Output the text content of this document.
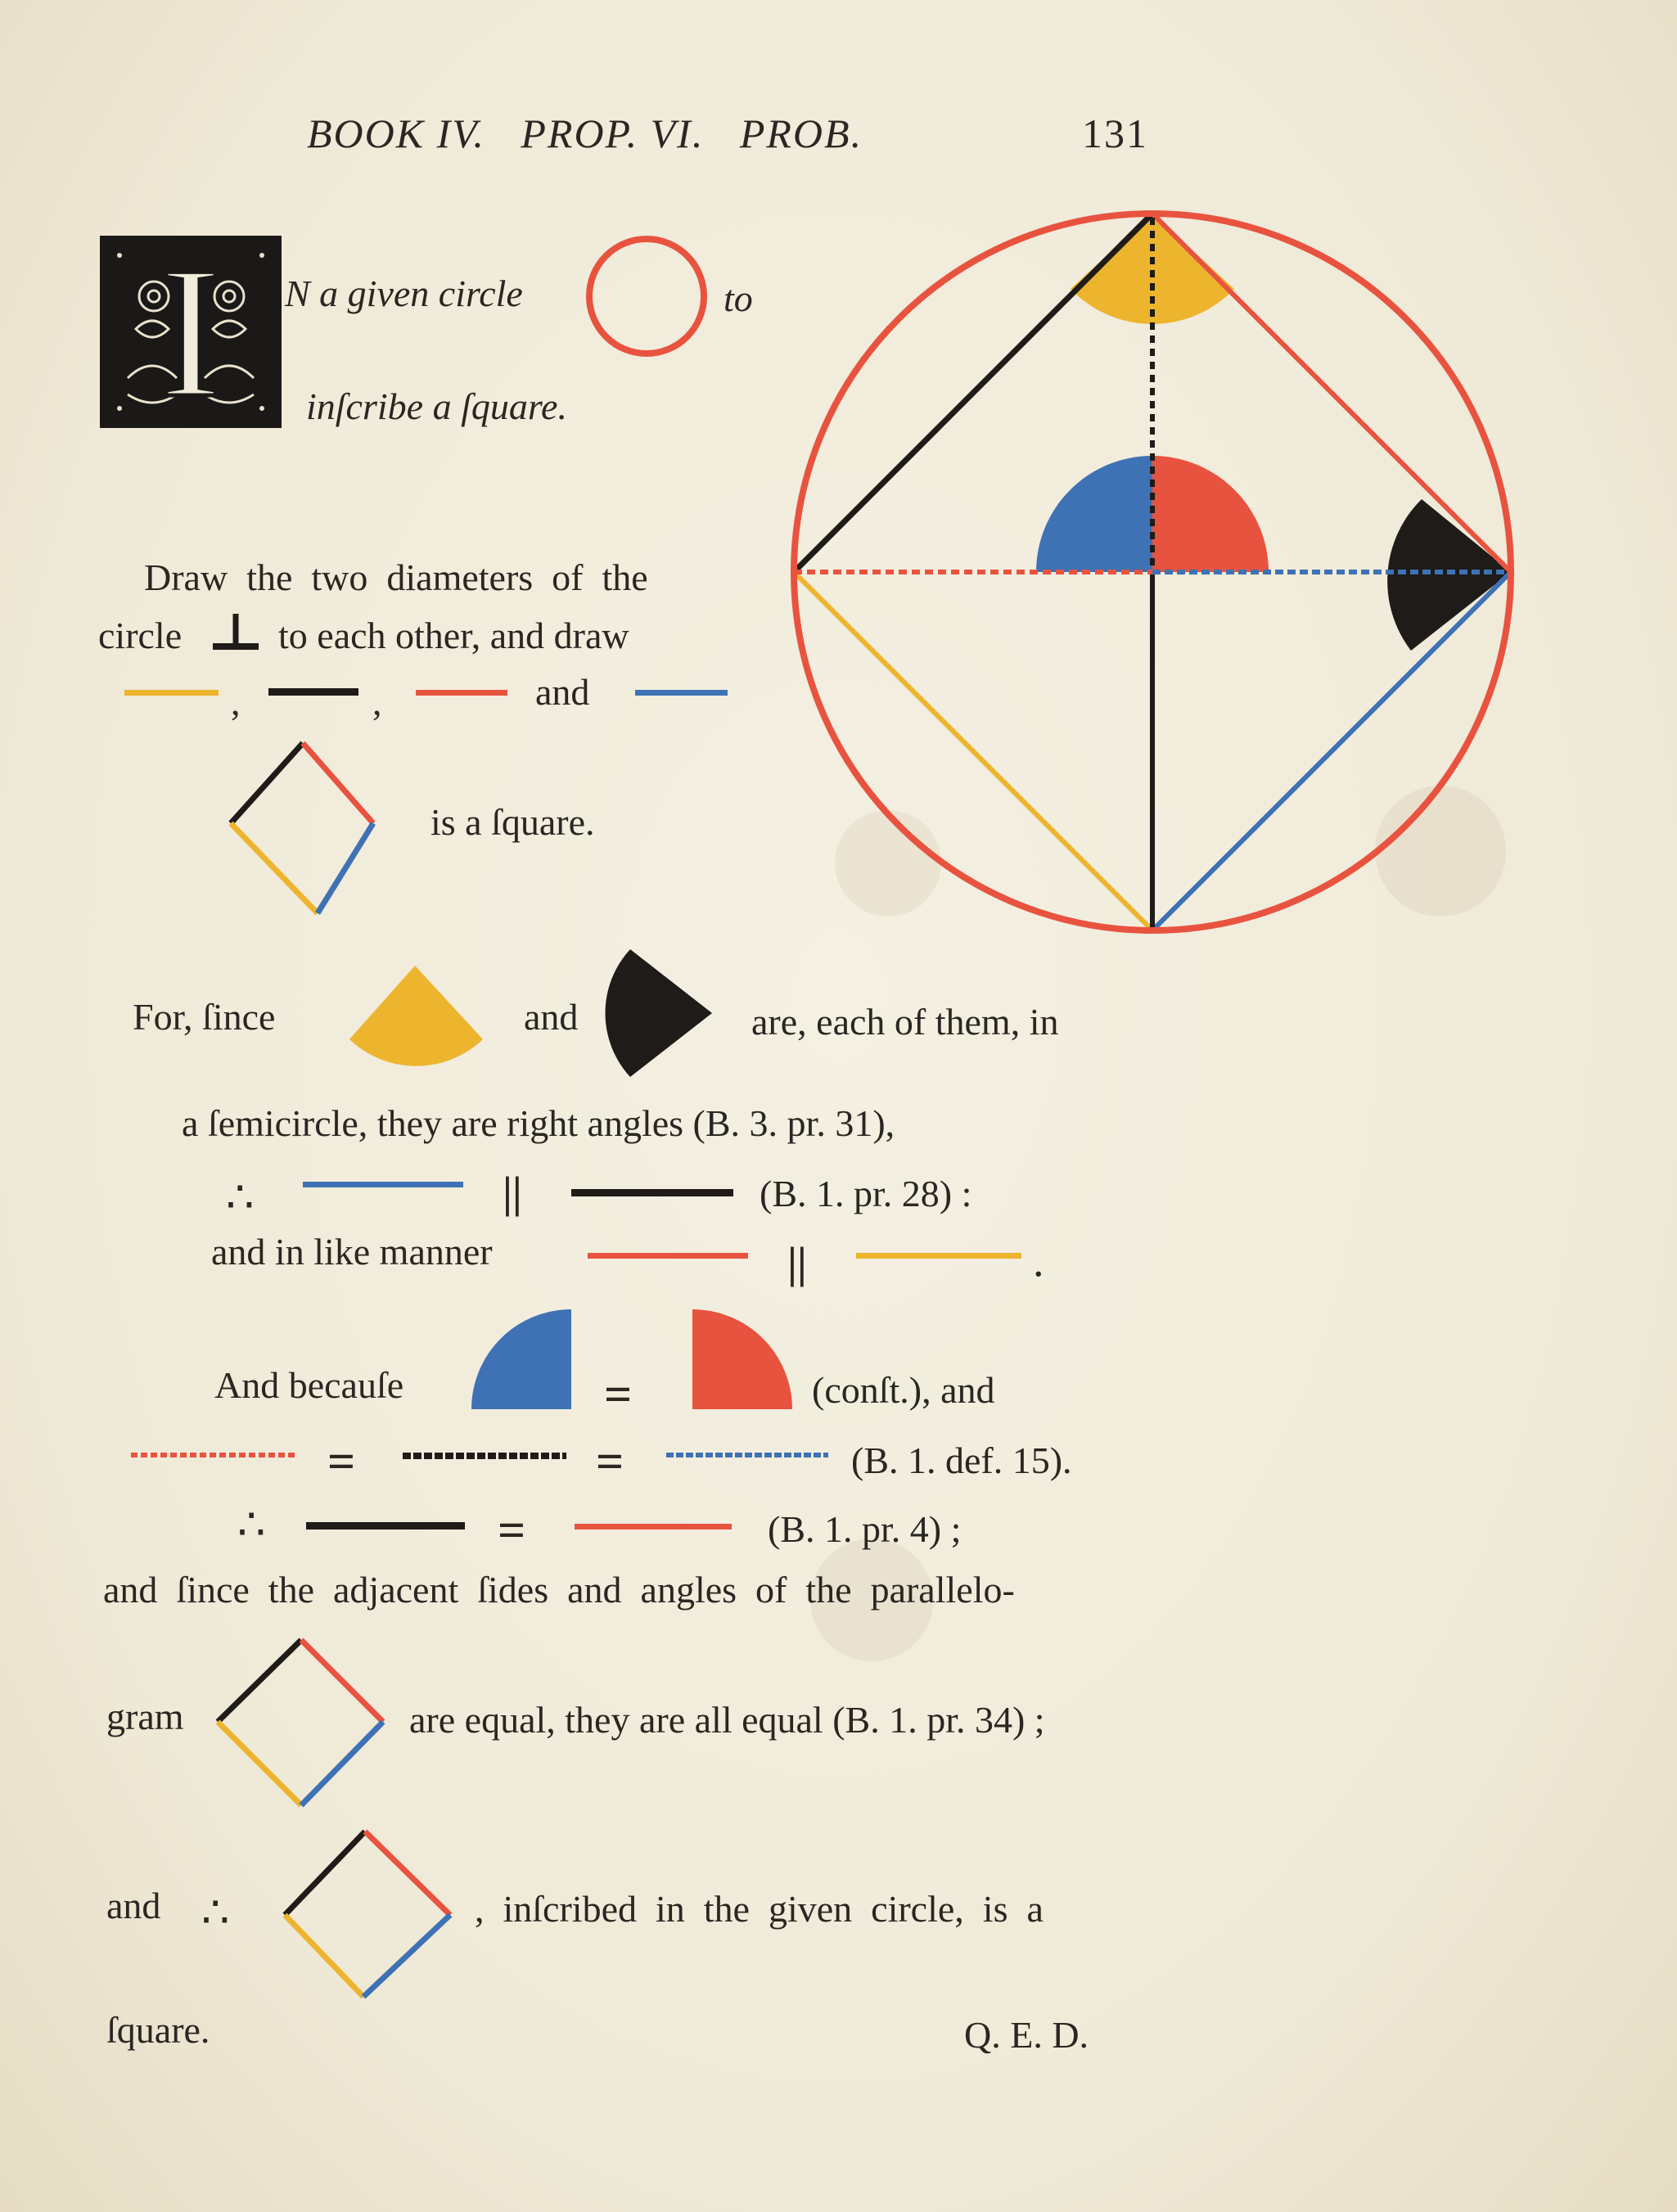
BOOK IV.   PROP. VI.   PROB.	131
I	N a given circle	to
inſcribe a ſquare.
Draw  the  two  diameters  of  the
circle	to each other, and draw
,	,	and
is a ſquare.
For, ſince	and	are, each of them, in
a ſemicircle, they are right angles (B. 3. pr. 31),
∴	||	(B. 1. pr. 28) :
and in like manner	||	.
And becauſe	=	(conſt.), and
=	=	(B. 1. def. 15).
∴	=	(B. 1. pr. 4) ;
and  ſince  the  adjacent  ſides  and  angles  of  the  parallelo-
gram	are equal, they are all equal (B. 1. pr. 34) ;
and ∴	,  inſcribed  in  the  given  circle,  is  a
ſquare.	Q. E. D.
